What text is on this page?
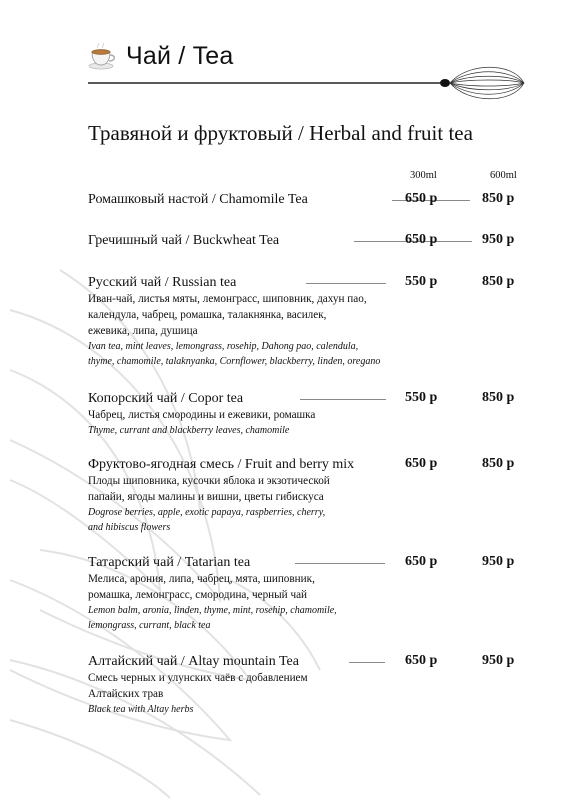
Чай / Tea
Травяной и фруктовый / Herbal and fruit tea
300ml	600ml
Ромашковый настой / Chamomile Tea	650 р	850 р
Гречишный чай / Buckwheat Tea	650 р	950 р
Русский чай / Russian tea	550 р	850 р
Иван-чай, листья мяты, лемонграсс, шиповник, дахун пао,
календула, чабрец, ромашка, талакнянка, василек,
ежевика, липа, душица
Ivan tea, mint leaves, lemongrass, rosehip, Dahong pao, calendula,
thyme, chamomile, talaknyanka, Cornflower, blackberry, linden, oregano
Копорский чай / Copor tea	550 р	850 р
Чабрец, листья смородины и ежевики, ромашка
Thyme, currant and blackberry leaves, chamomile
Фруктово-ягодная смесь / Fruit and berry mix	650 р	850 р
Плоды шиповника, кусочки яблока и экзотической
папайи, ягоды малины и вишни, цветы гибискуса
Dogrose berries, apple, exotic papaya, raspberries, cherry,
and hibiscus flowers
Татарский чай / Tatarian tea	650 р	950 р
Мелиса, арония, липа, чабрец, мята, шиповник,
ромашка, лемонграсс, смородина, черный чай
Lemon balm, aronia, linden, thyme, mint, rosehip, chamomile,
lemongrass, currant, black tea
Алтайский чай / Altay mountain Tea	650 р	950 р
Смесь черных и улунских чаёв с добавлением
Алтайских трав
Black tea with Altay herbs
